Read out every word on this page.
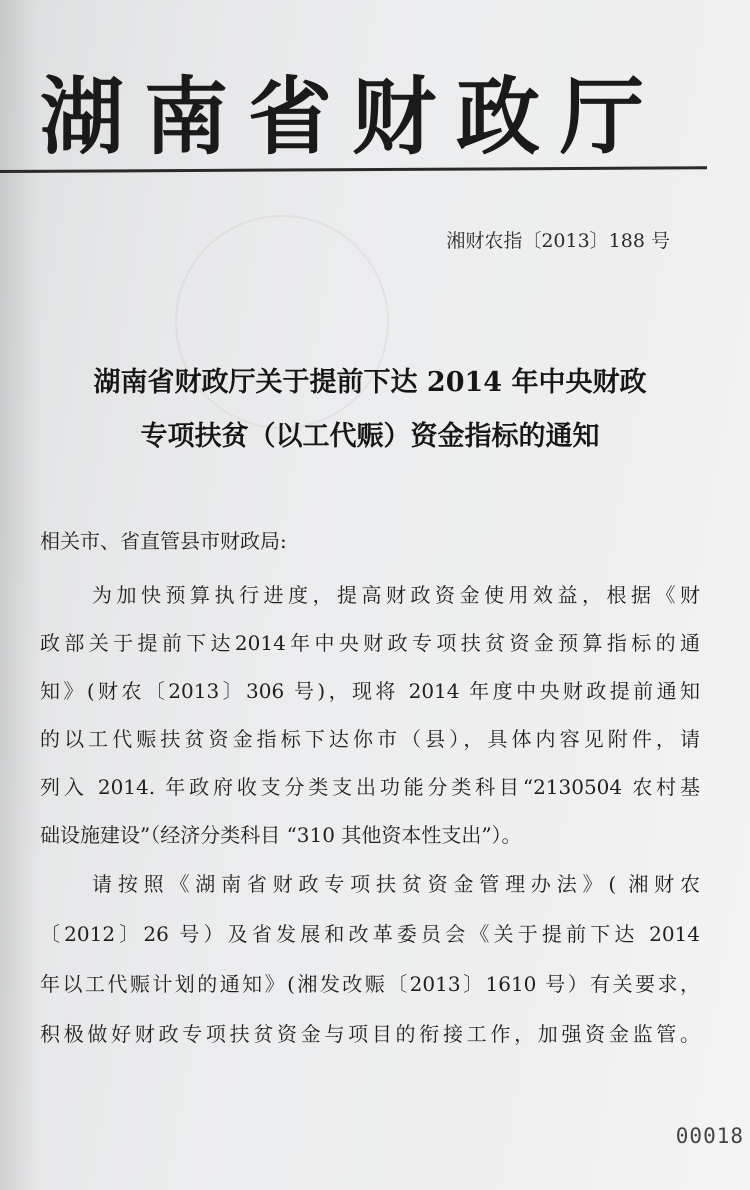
湖南省财政厅
湘财农指〔2013〕188 号
湖南省财政厅关于提前下达 2014 年中央财政
专项扶贫（以工代赈）资金指标的通知
相关市、省直管县市财政局:
为加快预算执行进度，提高财政资金使用效益，根据《财
政部关于提前下达2014年中央财政专项扶贫资金预算指标的通
知》(财农〔2013〕306 号)，现将 2014 年度中央财政提前通知
的以工代赈扶贫资金指标下达你市（县），具体内容见附件，请
列入 2014. 年政府收支分类支出功能分类科目“2130504 农村基
础设施建设”（经济分类科目 “310 其他资本性支出”）。
请按照《湖南省财政专项扶贫资金管理办法》( 湘财农
〔2012〕26 号）及省发展和改革委员会《关于提前下达 2014
年以工代赈计划的通知》(湘发改赈〔2013〕1610 号）有关要求，
积极做好财政专项扶贫资金与项目的衔接工作，加强资金监管。
00018
